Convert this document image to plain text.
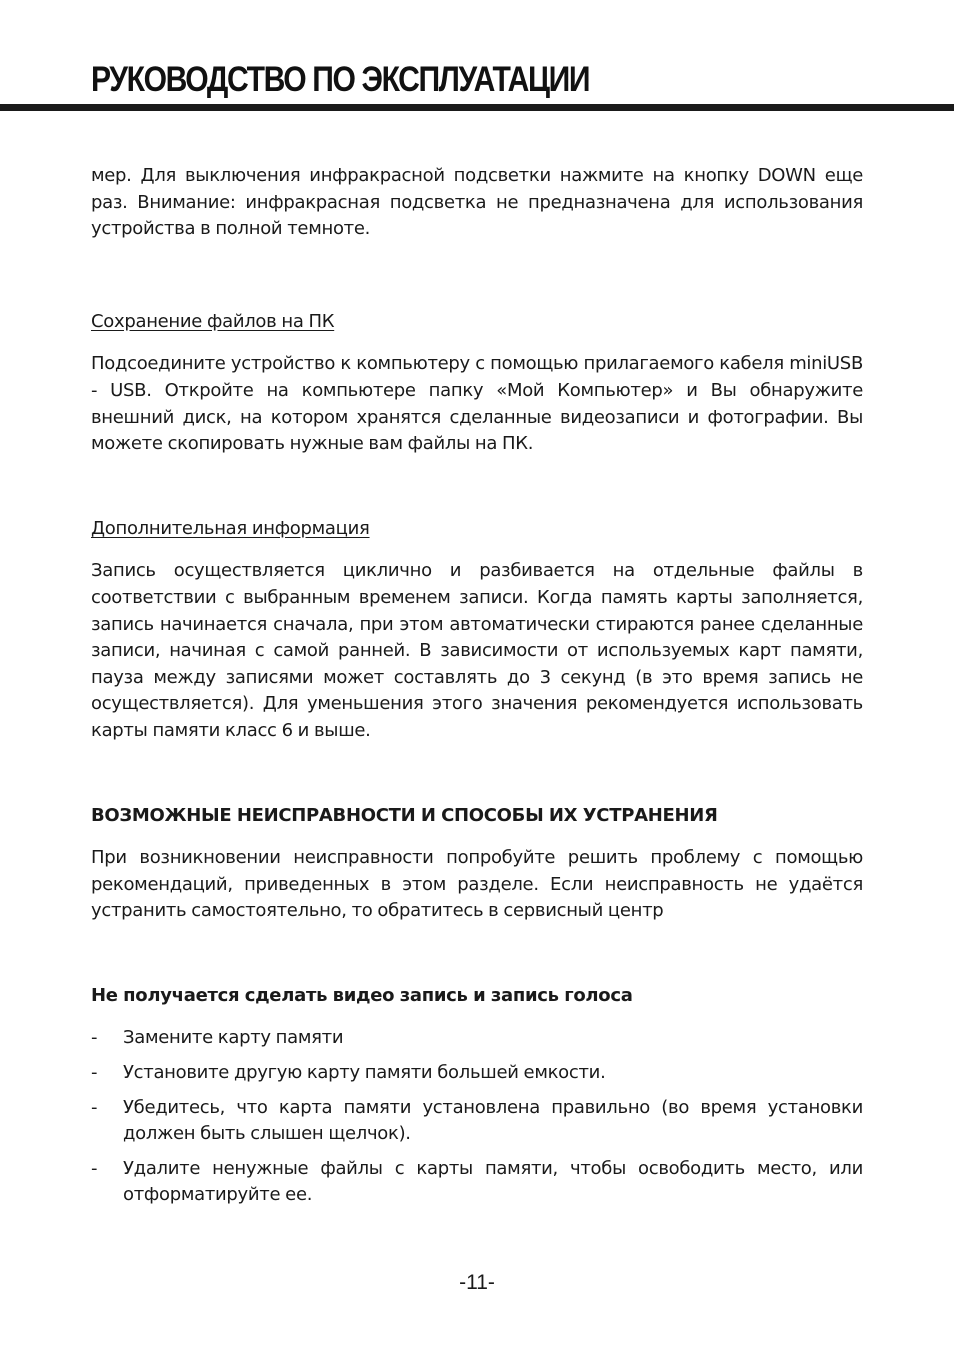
РУКОВОДСТВО ПО ЭКСПЛУАТАЦИИ

мер. Для выключения инфракрасной подсветки нажмите на кнопку DOWN еще раз. Внимание: инфракрасная подсветка не предназначена для использования устройства в полной темноте.

Сохранение файлов на ПК

Подсоедините устройство к компьютеру с помощью прилагаемого кабеля miniUSB - USB. Откройте на компьютере папку «Мой Компьютер» и Вы обнаружите внешний диск, на котором хранятся сделанные видеозаписи и фотографии. Вы можете скопировать нужные вам файлы на ПК.

Дополнительная информация

Запись осуществляется циклично и разбивается на отдельные файлы в соответствии с выбранным временем записи. Когда память карты заполняется, запись начинается сначала, при этом автоматически стираются ранее сделанные записи, начиная с самой ранней. В зависимости от используемых карт памяти, пауза между записями может составлять до 3 секунд (в это время запись не осуществляется). Для уменьшения этого значения рекомендуется использовать карты памяти класс 6 и выше.

ВОЗМОЖНЫЕ НЕИСПРАВНОСТИ И СПОСОБЫ ИХ УСТРАНЕНИЯ

При возникновении неисправности попробуйте решить проблему с помощью рекомендаций, приведенных в этом разделе. Если неисправность не удаётся устранить самостоятельно, то обратитесь в сервисный центр

Не получается сделать видео запись и запись голоса

- Замените карту памяти
- Установите другую карту памяти большей емкости.
- Убедитесь, что карта памяти установлена правильно (во время установки должен быть слышен щелчок).
- Удалите ненужные файлы с карты памяти, чтобы освободить место, или отформатируйте ее.
-11-
